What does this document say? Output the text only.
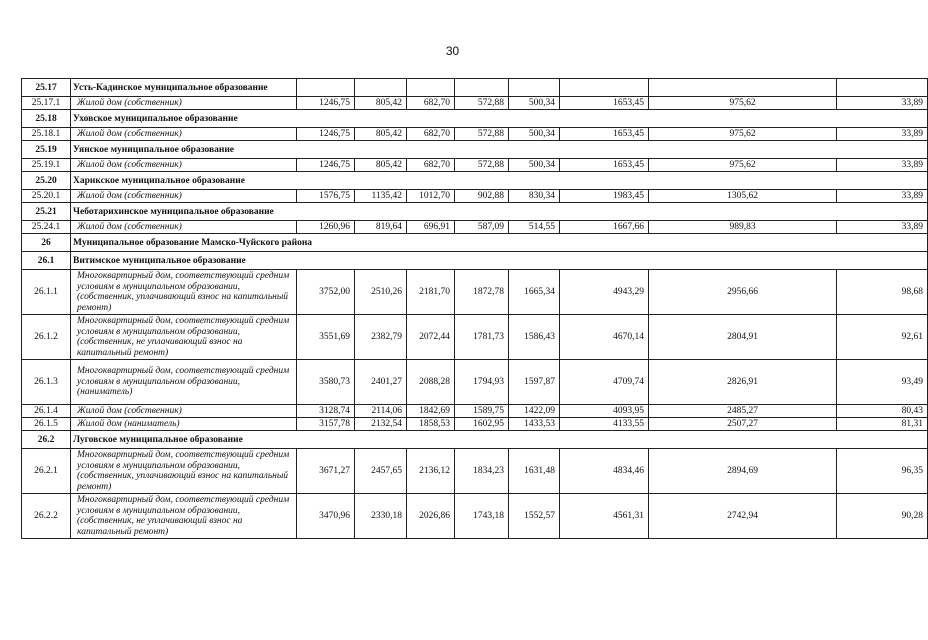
30
25.17	Усть-Кадинское муниципальное образование								
25.17.1	Жилой дом (собственник)	1246,75	805,42	682,70	572,88	500,34	1653,45	975,62	33,89
25.18	Уховское муниципальное образование								
25.18.1	Жилой дом (собственник)	1246,75	805,42	682,70	572,88	500,34	1653,45	975,62	33,89
25.19	Уянское муниципальное образование								
25.19.1	Жилой дом (собственник)	1246,75	805,42	682,70	572,88	500,34	1653,45	975,62	33,89
25.20	Харикское муниципальное образование								
25.20.1	Жилой дом (собственник)	1576,75	1135,42	1012,70	902,88	830,34	1983,45	1305,62	33,89
25.21	Чеботарихинское муниципальное образование								
25.24.1	Жилой дом (собственник)	1260,96	819,64	696,91	587,09	514,55	1667,66	989,83	33,89
26	Муниципальное образование Мамско-Чуйского района								
26.1	Витимское муниципальное образование								
26.1.1	Многоквартирный дом, соответствующий средним условиям в муниципальном образовании, (собственник, уплачивающий взнос на капитальный ремонт)	3752,00	2510,26	2181,70	1872,78	1665,34	4943,29	2956,66	98,68
26.1.2	Многоквартирный дом, соответствующий средним условиям в муниципальном образовании, (собственник, не уплачивающий взнос на капитальный ремонт)	3551,69	2382,79	2072,44	1781,73	1586,43	4670,14	2804,91	92,61
26.1.3	Многоквартирный дом, соответствующий средним условиям в муниципальном образовании, (наниматель)	3580,73	2401,27	2088,28	1794,93	1597,87	4709,74	2826,91	93,49
26.1.4	Жилой дом (собственник)	3128,74	2114,06	1842,69	1589,75	1422,09	4093,95	2485,27	80,43
26.1.5	Жилой дом (наниматель)	3157,78	2132,54	1858,53	1602,95	1433,53	4133,55	2507,27	81,31
26.2	Луговское муниципальное образование								
26.2.1	Многоквартирный дом, соответствующий средним условиям в муниципальном образовании, (собственник, уплачивающий взнос на капитальный ремонт)	3671,27	2457,65	2136,12	1834,23	1631,48	4834,46	2894,69	96,35
26.2.2	Многоквартирный дом, соответствующий средним условиям в муниципальном образовании, (собственник, не уплачивающий взнос на капитальный ремонт)	3470,96	2330,18	2026,86	1743,18	1552,57	4561,31	2742,94	90,28
